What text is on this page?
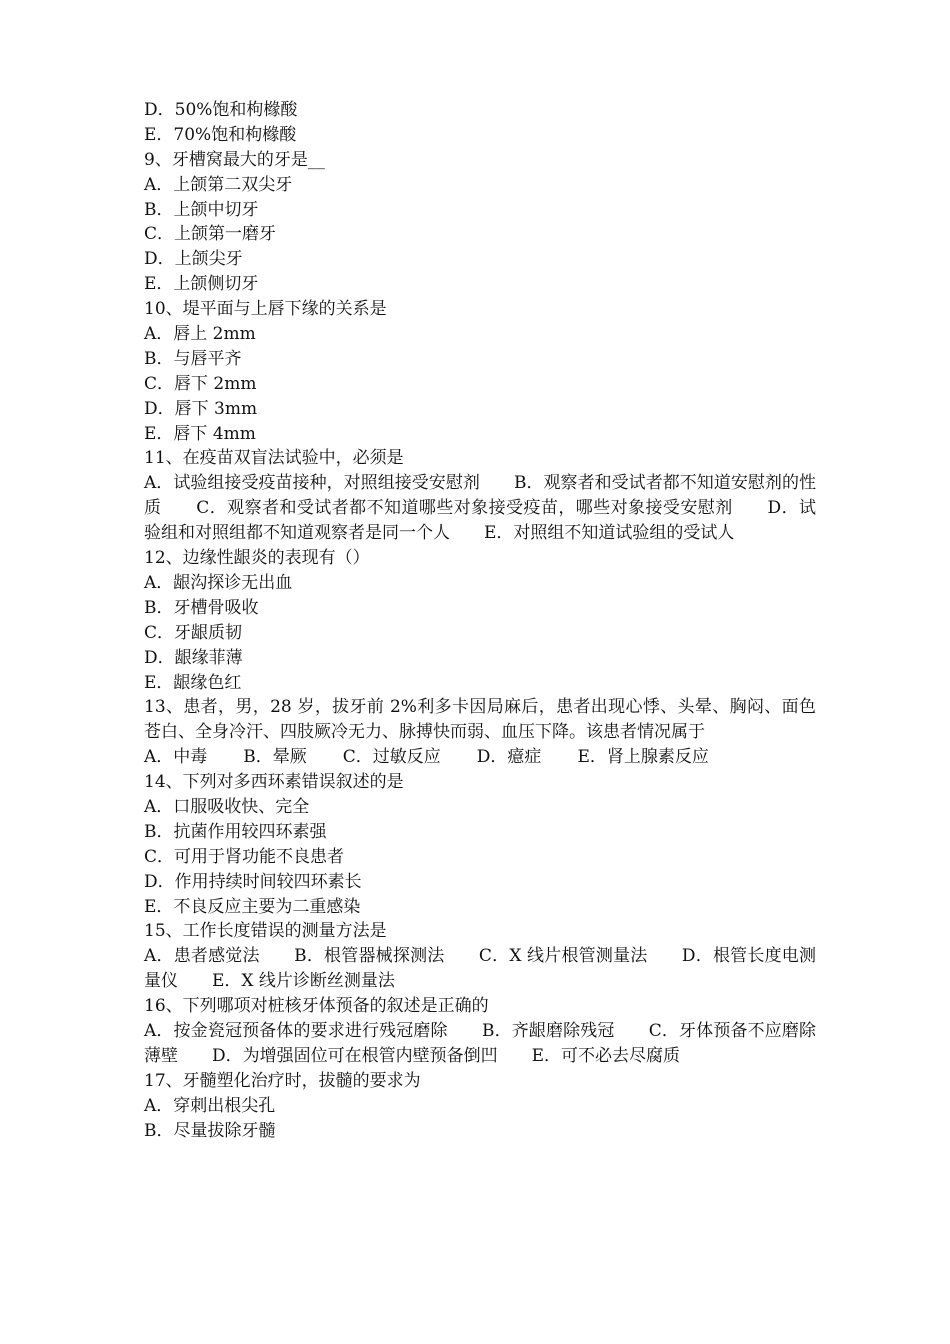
D．50%饱和枸橼酸
E．70%饱和枸橼酸
9、牙槽窝最大的牙是__
A．上颌第二双尖牙
B．上颌中切牙
C．上颌第一磨牙
D．上颌尖牙
E．上颌侧切牙
10、堤平面与上唇下缘的关系是
A．唇上 2mm
B．与唇平齐
C．唇下 2mm
D．唇下 3mm
E．唇下 4mm
11、在疫苗双盲法试验中，必须是
A．试验组接受疫苗接种，对照组接受安慰剂　　B．观察者和受试者都不知道安慰剂的性质　　C．观察者和受试者都不知道哪些对象接受疫苗，哪些对象接受安慰剂　　D．试验组和对照组都不知道观察者是同一个人　　E．对照组不知道试验组的受试人
12、边缘性龈炎的表现有（）
A．龈沟探诊无出血
B．牙槽骨吸收
C．牙龈质韧
D．龈缘菲薄
E．龈缘色红
13、患者，男，28 岁，拔牙前 2%利多卡因局麻后，患者出现心悸、头晕、胸闷、面色苍白、全身冷汗、四肢厥冷无力、脉搏快而弱、血压下降。该患者情况属于
A．中毒 B．晕厥 C．过敏反应 D．癔症 E．肾上腺素反应
14、下列对多西环素错误叙述的是
A．口服吸收快、完全
B．抗菌作用较四环素强
C．可用于肾功能不良患者
D．作用持续时间较四环素长
E．不良反应主要为二重感染
15、工作长度错误的测量方法是
A．患者感觉法　　B．根管器械探测法　　C．X 线片根管测量法　　D．根管长度电测量仪　　E．X 线片诊断丝测量法
16、下列哪项对桩核牙体预备的叙述是正确的
A．按金瓷冠预备体的要求进行残冠磨除　　B．齐龈磨除残冠　　C．牙体预备不应磨除薄壁　　D．为增强固位可在根管内壁预备倒凹　　E．可不必去尽腐质
17、牙髓塑化治疗时，拔髓的要求为
A．穿刺出根尖孔
B．尽量拔除牙髓
